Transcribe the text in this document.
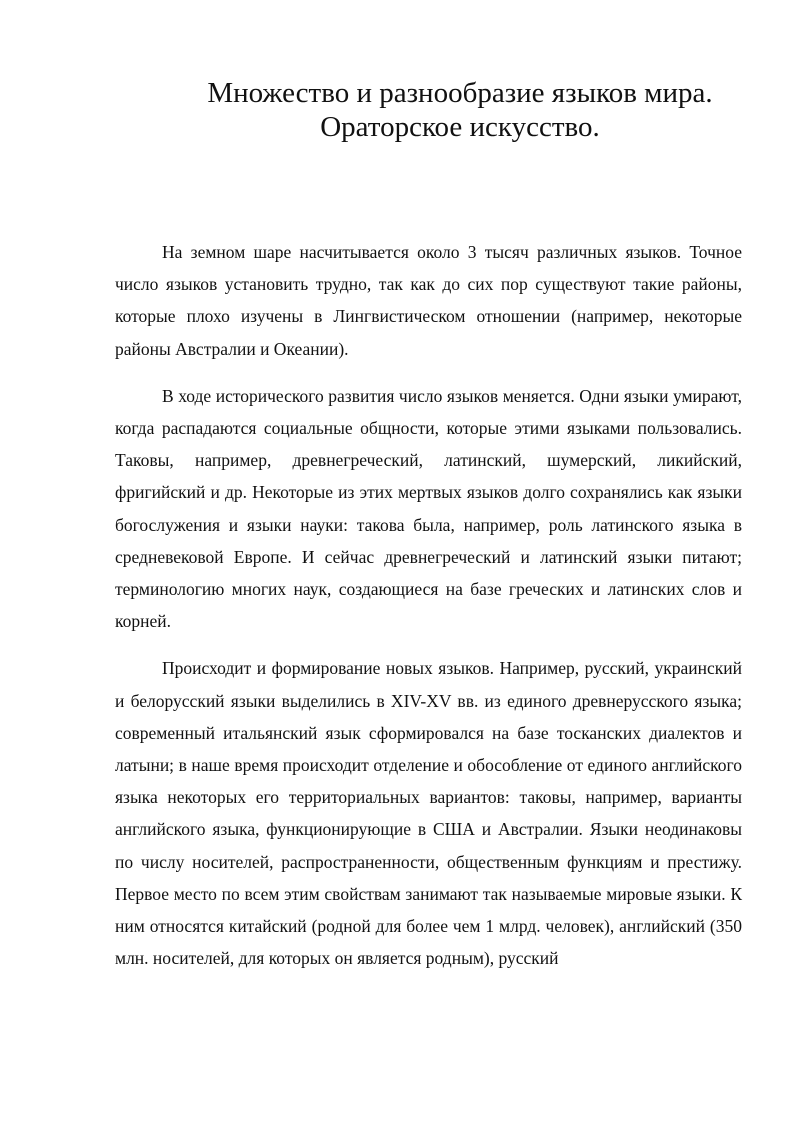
Множество и разнообразие языков мира.
Ораторское искусство.

На земном шаре насчитывается около 3 тысяч различных языков. Точное число языков установить трудно, так как до сих пор существуют такие районы, которые плохо изучены в Лингвистическом отношении (например, некоторые районы Австралии и Океании).

В ходе исторического развития число языков меняется. Одни языки умирают, когда распадаются социальные общности, которые этими языками пользовались. Таковы, например, древнегреческий, латинский, шумерский, ликийский, фригийский и др. Некоторые из этих мертвых языков долго сохранялись как языки богослужения и языки науки: такова была, например, роль латинского языка в средневековой Европе. И сейчас древнегреческий и латинский языки питают; терминологию многих наук, создающиеся на базе греческих и латинских слов и корней.

Происходит и формирование новых языков. Например, русский, украинский и белорусский языки выделились в XIV-XV вв. из единого древнерусского языка; современный итальянский язык сформировался на базе тосканских диалектов и латыни; в наше время происходит отделение и обособление от единого английского языка некоторых его территориальных вариантов: таковы, например, варианты английского языка, функционирующие в США и Австралии. Языки неодинаковы по числу носителей, распространенности, общественным функциям и престижу. Первое место по всем этим свойствам занимают так называемые мировые языки. К ним относятся китайский (родной для более чем 1 млрд. человек), английский (350 млн. носителей, для которых он является родным), русский
